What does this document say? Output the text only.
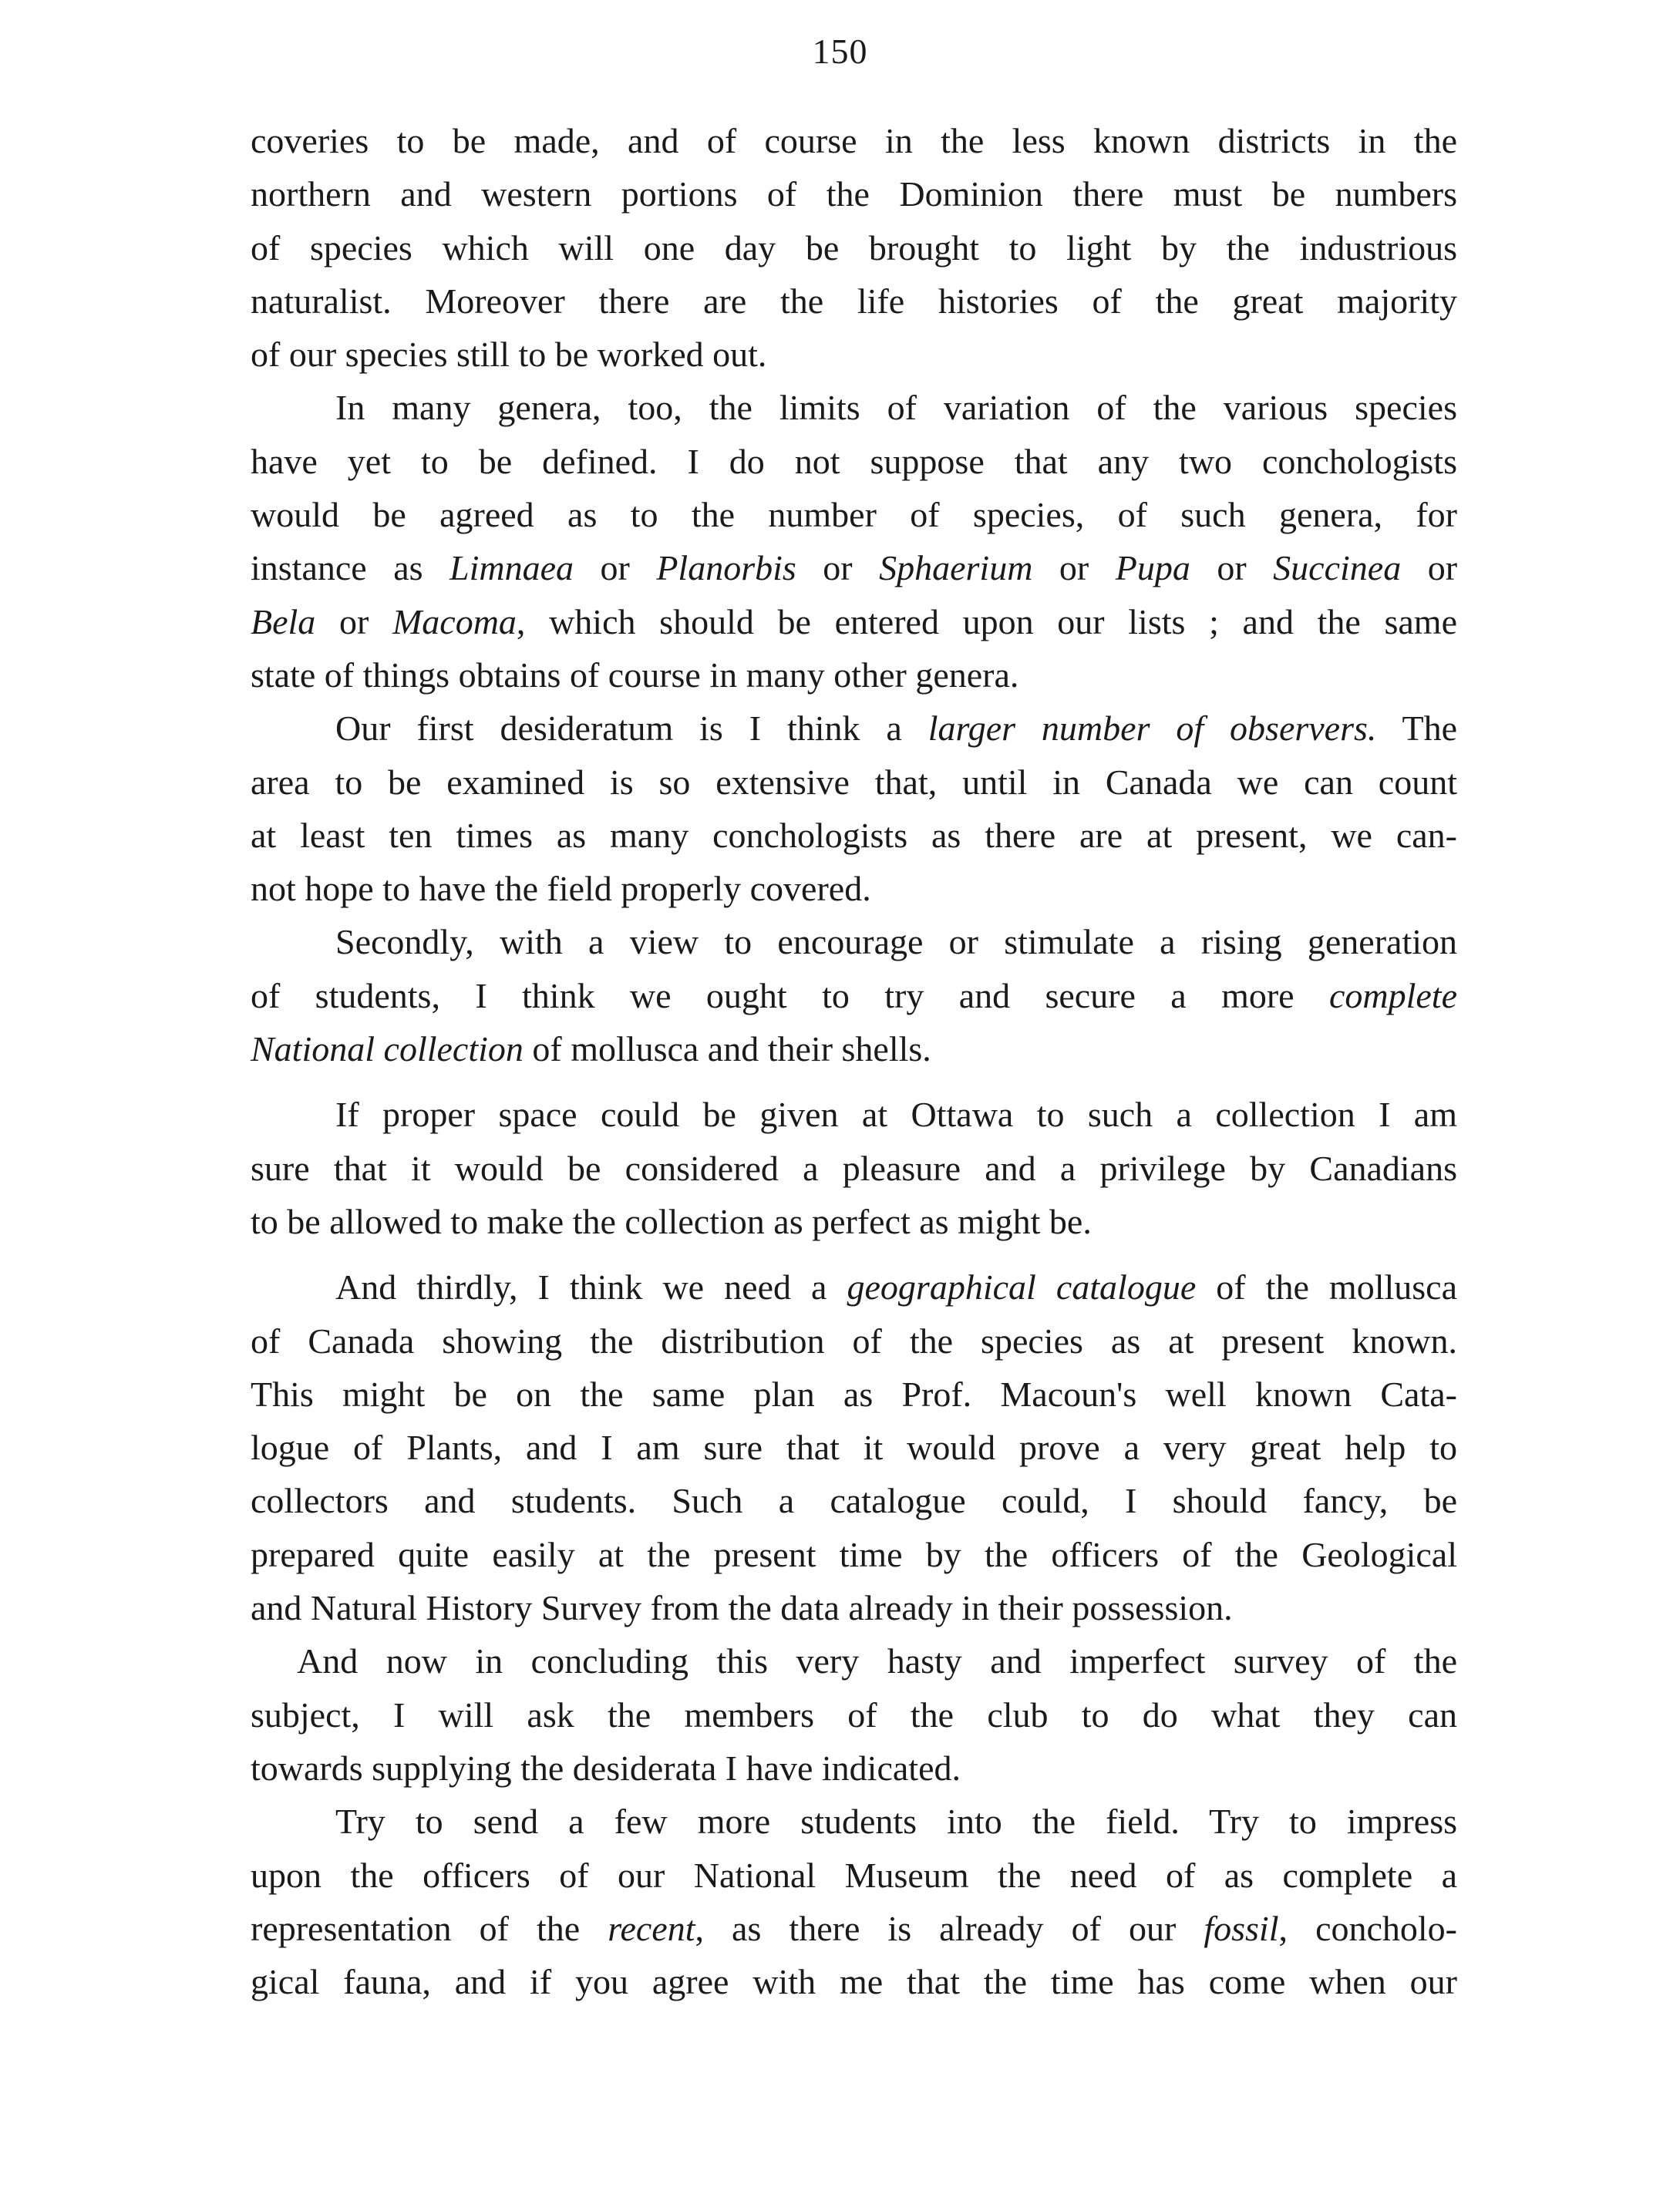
150
coveries to be made, and of course in the less known districts in the
northern and western portions of the Dominion there must be numbers
of species which will one day be brought to light by the industrious
naturalist. Moreover there are the life histories of the great majority
of our species still to be worked out.
In many genera, too, the limits of variation of the various species
have yet to be defined. I do not suppose that any two conchologists
would be agreed as to the number of species, of such genera, for
instance as Limnaea or Planorbis or Sphaerium or Pupa or Succinea or
Bela or Macoma, which should be entered upon our lists ; and the same
state of things obtains of course in many other genera.
Our first desideratum is I think a larger number of observers. The
area to be examined is so extensive that, until in Canada we can count
at least ten times as many conchologists as there are at present, we can-
not hope to have the field properly covered.
Secondly, with a view to encourage or stimulate a rising generation
of students, I think we ought to try and secure a more complete
National collection of mollusca and their shells.
If proper space could be given at Ottawa to such a collection I am
sure that it would be considered a pleasure and a privilege by Canadians
to be allowed to make the collection as perfect as might be.
And thirdly, I think we need a geographical catalogue of the mollusca
of Canada showing the distribution of the species as at present known.
This might be on the same plan as Prof. Macoun's well known Cata-
logue of Plants, and I am sure that it would prove a very great help to
collectors and students. Such a catalogue could, I should fancy, be
prepared quite easily at the present time by the officers of the Geological
and Natural History Survey from the data already in their possession.
And now in concluding this very hasty and imperfect survey of the
subject, I will ask the members of the club to do what they can
towards supplying the desiderata I have indicated.
Try to send a few more students into the field. Try to impress
upon the officers of our National Museum the need of as complete a
representation of the recent, as there is already of our fossil, concholo-
gical fauna, and if you agree with me that the time has come when our
